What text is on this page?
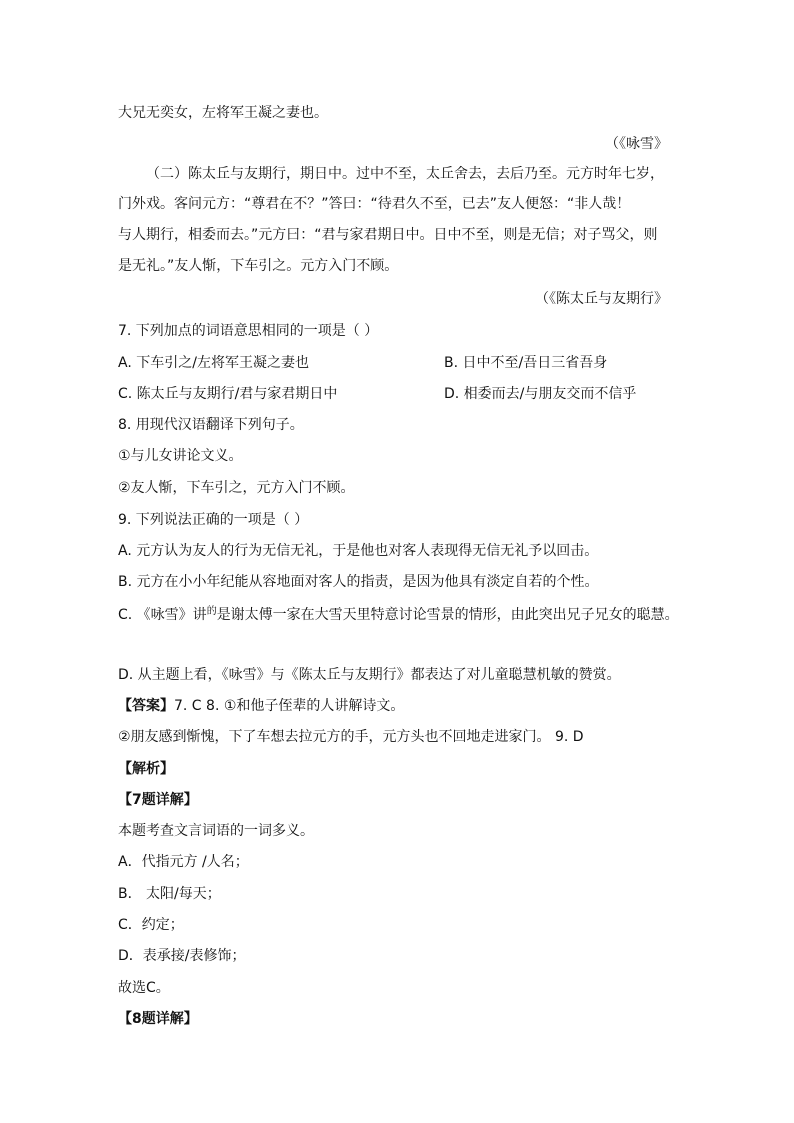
大兄无奕女，左将军王凝之妻也。

（《咏雪》

（二）陈太丘与友期行，期日中。过中不至，太丘舍去，去后乃至。元方时年七岁，

门外戏。客问元方：“尊君在不？”答曰：“待君久不至，已去”友人便怒：“非人哉！

与人期行，相委而去。”元方曰：“君与家君期日中。日中不至，则是无信；对子骂父，则

是无礼。”友人惭，下车引之。元方入门不顾。

（《陈太丘与友期行》

7. 下列加点的词语意思相同的一项是（ ）

A. 下车引之/左将军王凝之妻也	B. 日中不至/吾日三省吾身

C. 陈太丘与友期行/君与家君期日中	D. 相委而去/与朋友交而不信乎

8. 用现代汉语翻译下列句子。

①与儿女讲论文义。

②友人惭，下车引之，元方入门不顾。

9. 下列说法正确的一项是（ ）

A. 元方认为友人的行为无信无礼，于是他也对客人表现得无信无礼予以回击。

B. 元方在小小年纪能从容地面对客人的指责，是因为他具有淡定自若的个性。

C. 《咏雪》讲$^的$是谢太傅一家在大雪天里特意讨论雪景的情形，由此突出兄子兄女的聪慧。

D. 从主题上看，《咏雪》与《陈太丘与友期行》都表达了对儿童聪慧机敏的赞赏。

【答案】7. C 8. ①和他子侄辈的人讲解诗文。

②朋友感到惭愧，下了车想去拉元方的手，元方头也不回地走进家门。 9. D

【解析】

【7题详解】

本题考查文言词语的一词多义。

A．代指元方 /人名；

B． 太阳/每天；

C．约定；

D．表承接/表修饰；

故选C。

【8题详解】
